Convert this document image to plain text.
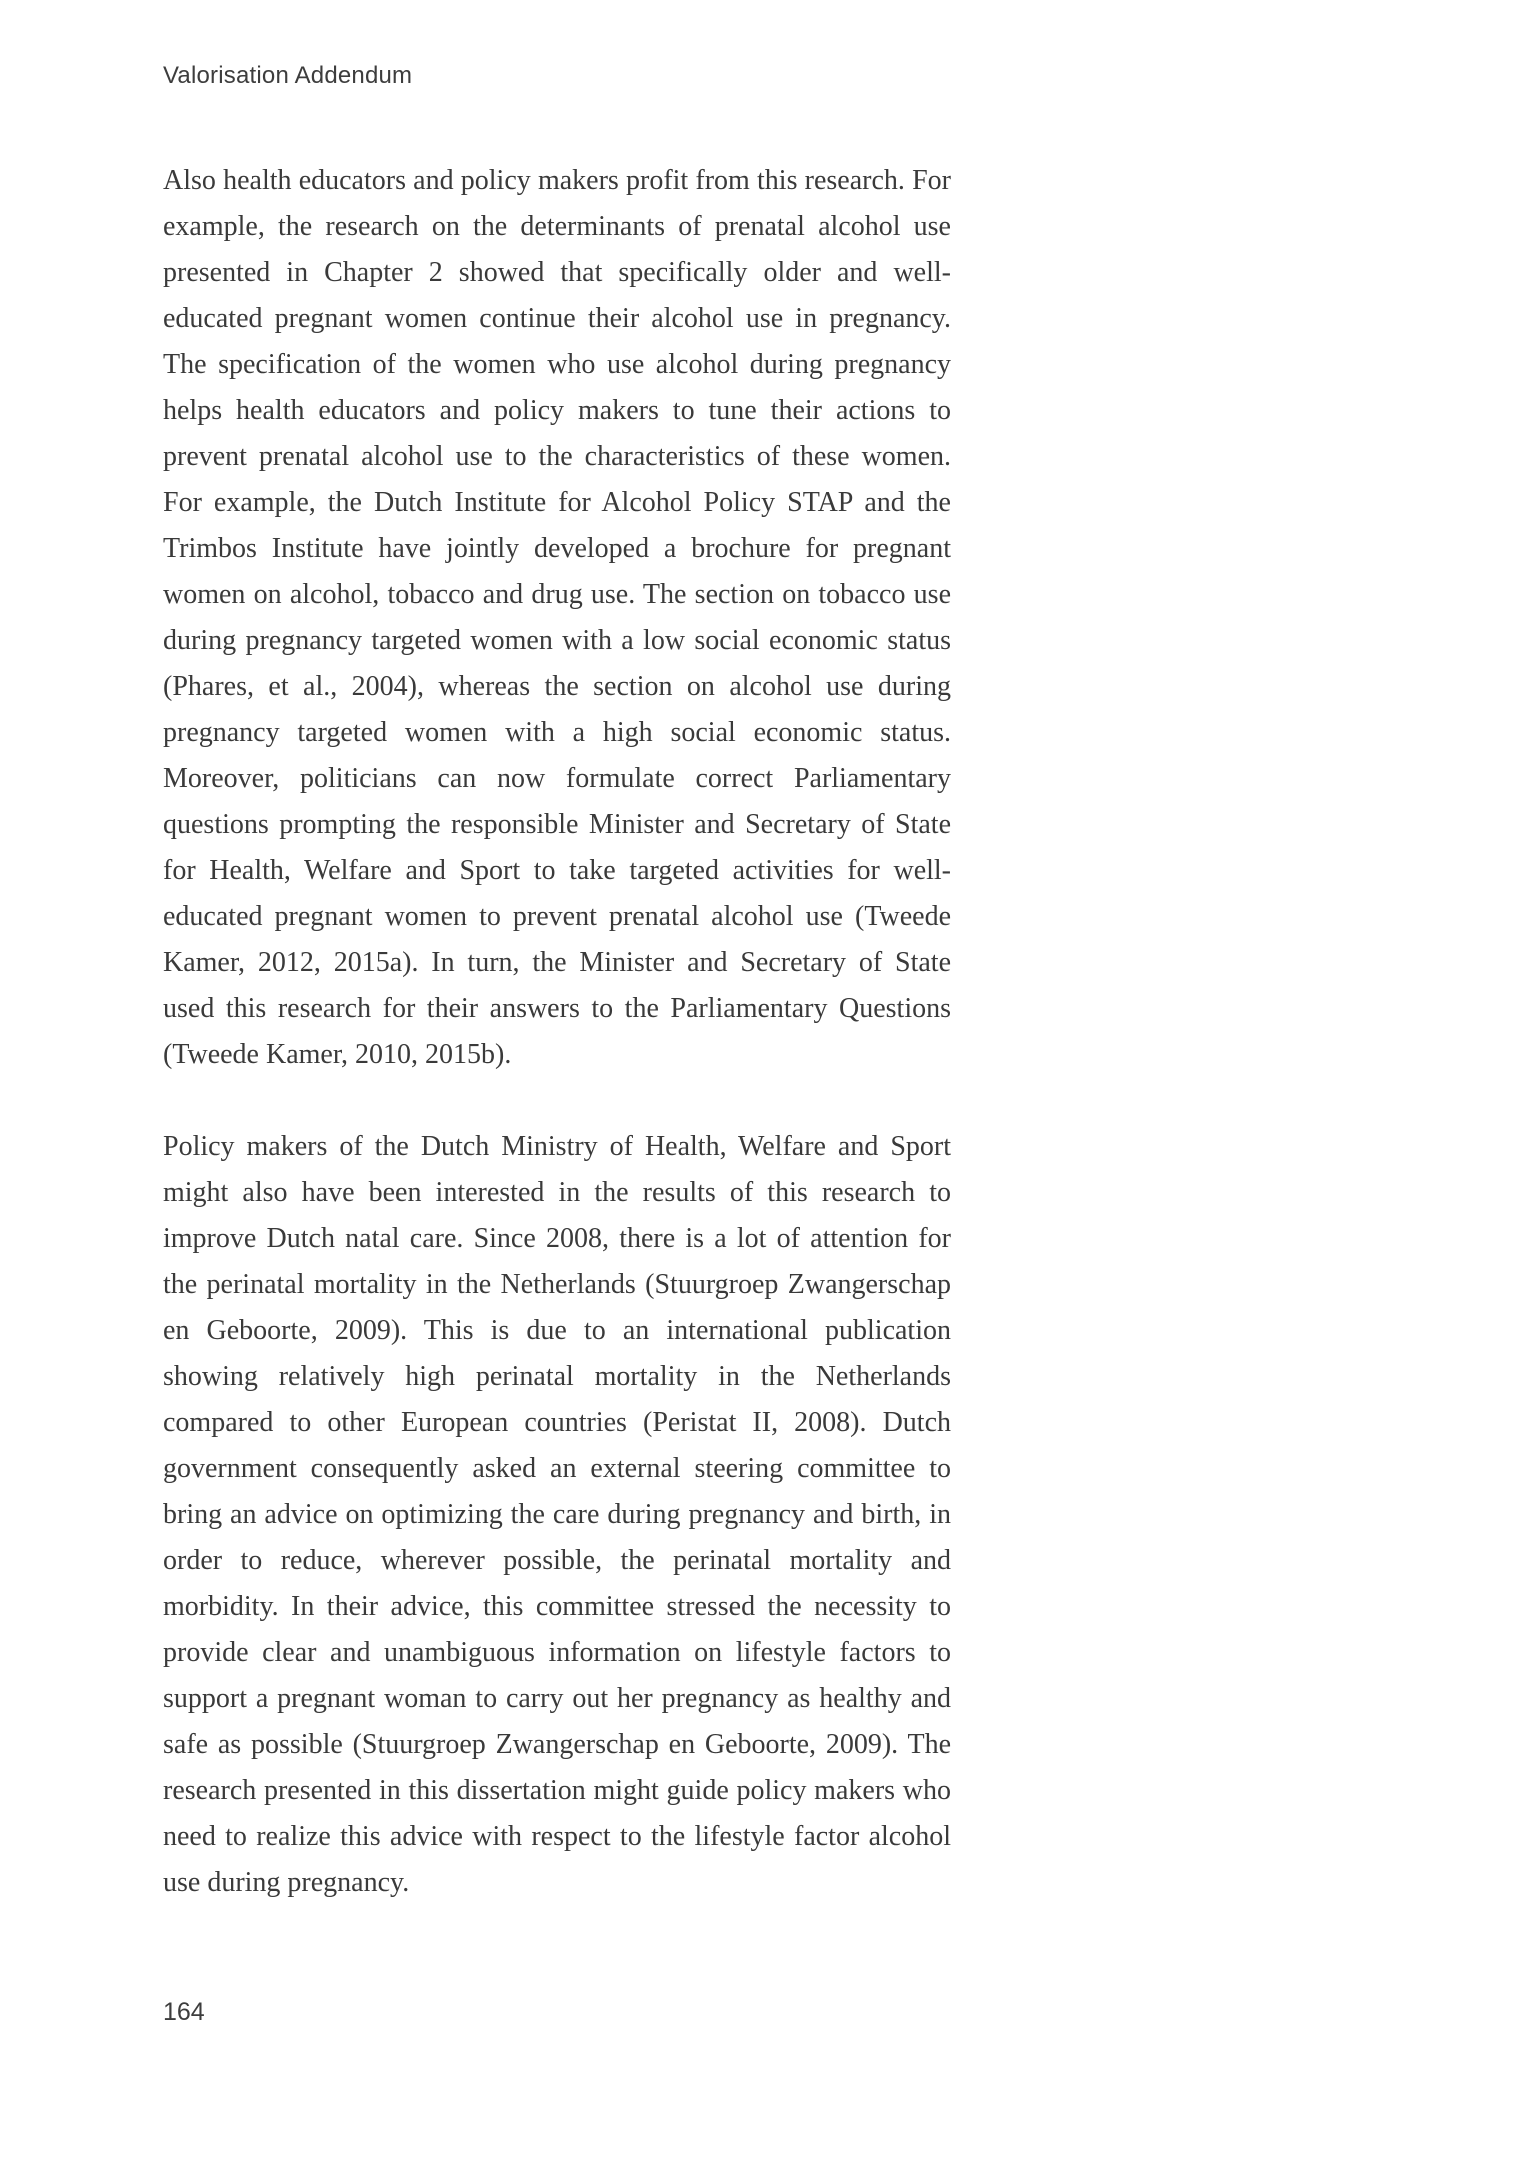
Valorisation Addendum

Also health educators and policy makers profit from this research. For example, the research on the determinants of prenatal alcohol use presented in Chapter 2 showed that specifically older and well-educated pregnant women continue their alcohol use in pregnancy. The specification of the women who use alcohol during pregnancy helps health educators and policy makers to tune their actions to prevent prenatal alcohol use to the characteristics of these women. For example, the Dutch Institute for Alcohol Policy STAP and the Trimbos Institute have jointly developed a brochure for pregnant women on alcohol, tobacco and drug use. The section on tobacco use during pregnancy targeted women with a low social economic status (Phares, et al., 2004), whereas the section on alcohol use during pregnancy targeted women with a high social economic status. Moreover, politicians can now formulate correct Parliamentary questions prompting the responsible Minister and Secretary of State for Health, Welfare and Sport to take targeted activities for well-educated pregnant women to prevent prenatal alcohol use (Tweede Kamer, 2012, 2015a). In turn, the Minister and Secretary of State used this research for their answers to the Parliamentary Questions (Tweede Kamer, 2010, 2015b).

Policy makers of the Dutch Ministry of Health, Welfare and Sport might also have been interested in the results of this research to improve Dutch natal care. Since 2008, there is a lot of attention for the perinatal mortality in the Netherlands (Stuurgroep Zwangerschap en Geboorte, 2009). This is due to an international publication showing relatively high perinatal mortality in the Netherlands compared to other European countries (Peristat II, 2008). Dutch government consequently asked an external steering committee to bring an advice on optimizing the care during pregnancy and birth, in order to reduce, wherever possible, the perinatal mortality and morbidity. In their advice, this committee stressed the necessity to provide clear and unambiguous information on lifestyle factors to support a pregnant woman to carry out her pregnancy as healthy and safe as possible (Stuurgroep Zwangerschap en Geboorte, 2009). The research presented in this dissertation might guide policy makers who need to realize this advice with respect to the lifestyle factor alcohol use during pregnancy.

164
